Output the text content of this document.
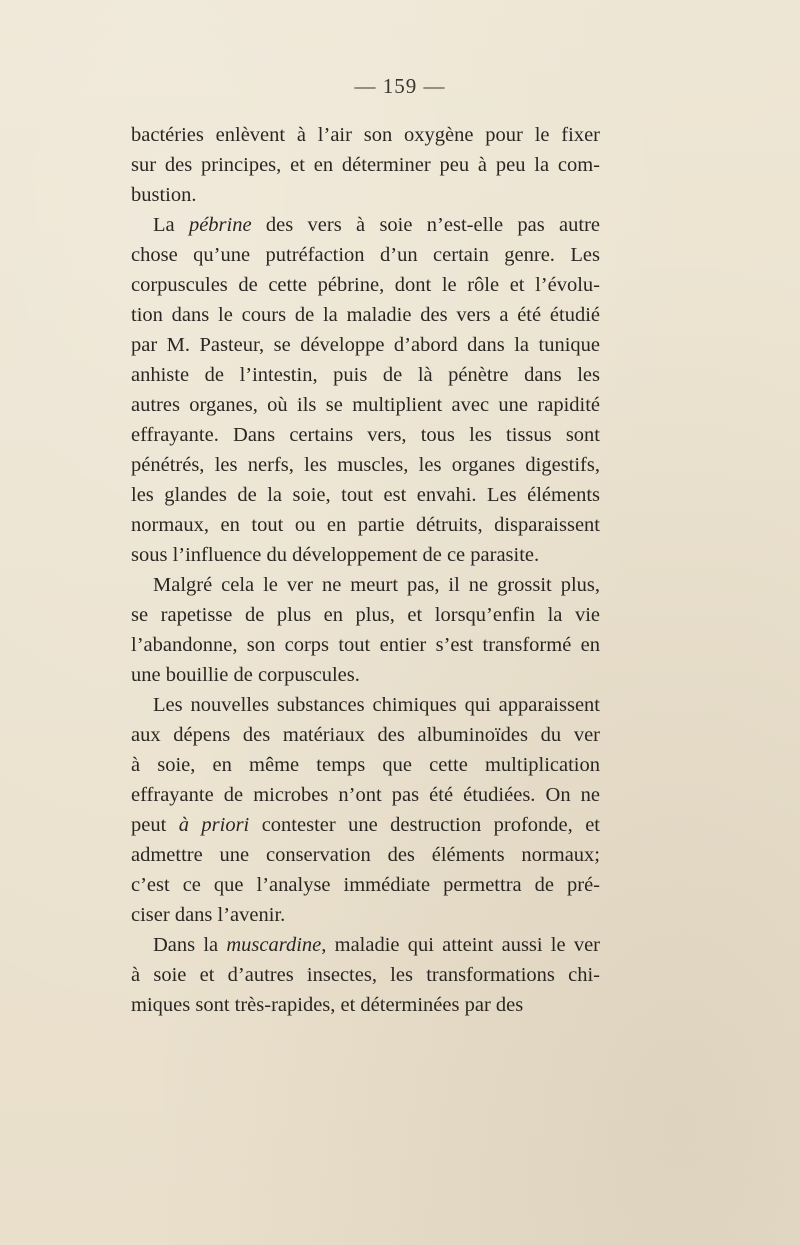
— 159 —
bactéries enlèvent à l’air son oxygène pour le fixer
sur des principes, et en déterminer peu à peu la com-
bustion.
La pébrine des vers à soie n’est-elle pas autre
chose qu’une putréfaction d’un certain genre. Les
corpuscules de cette pébrine, dont le rôle et l’évolu-
tion dans le cours de la maladie des vers a été étudié
par M. Pasteur, se développe d’abord dans la tunique
anhiste de l’intestin, puis de là pénètre dans les
autres organes, où ils se multiplient avec une rapidité
effrayante. Dans certains vers, tous les tissus sont
pénétrés, les nerfs, les muscles, les organes digestifs,
les glandes de la soie, tout est envahi. Les éléments
normaux, en tout ou en partie détruits, disparaissent
sous l’influence du développement de ce parasite.
Malgré cela le ver ne meurt pas, il ne grossit plus,
se rapetisse de plus en plus, et lorsqu’enfin la vie
l’abandonne, son corps tout entier s’est transformé en
une bouillie de corpuscules.
Les nouvelles substances chimiques qui apparaissent
aux dépens des matériaux des albuminoïdes du ver
à soie, en même temps que cette multiplication
effrayante de microbes n’ont pas été étudiées. On ne
peut à priori contester une destruction profonde, et
admettre une conservation des éléments normaux;
c’est ce que l’analyse immédiate permettra de pré-
ciser dans l’avenir.
Dans la muscardine, maladie qui atteint aussi le ver
à soie et d’autres insectes, les transformations chi-
miques sont très-rapides, et déterminées par des
